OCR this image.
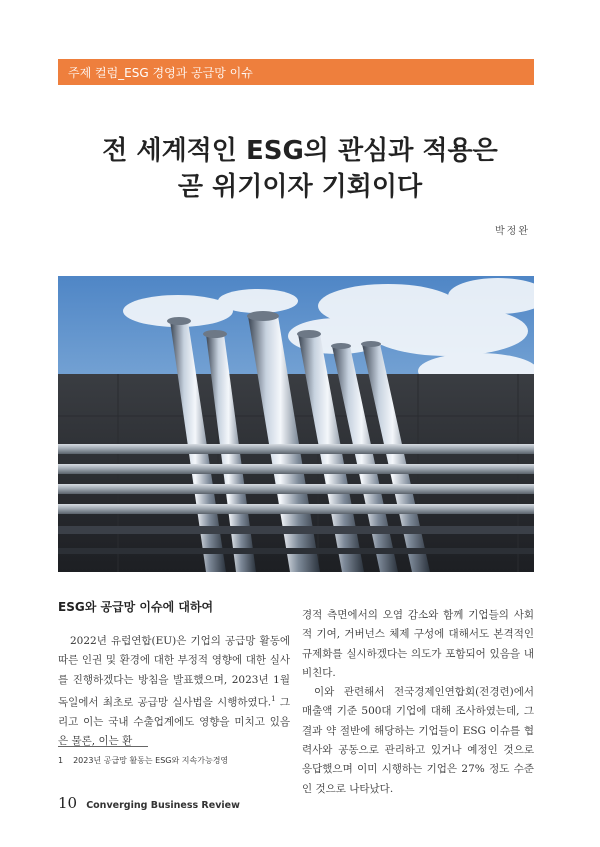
주제 컬럼_ESG 경영과 공급망 이슈
전 세계적인 ESG의 관심과 적용은
곧 위기이자 기회이다
박정완
ESG와 공급망 이슈에 대하여

2022년 유럽연합(EU)은 기업의 공급망 활동에 따른 인권 및 환경에 대한 부정적 영향에 대한 실사를 진행하겠다는 방침을 발표했으며, 2023년 1월 독일에서 최초로 공급망 실사법을 시행하였다.$^1$ 그리고 이는 국내 수출업계에도 영향을 미치고 있음은 물론, 이는 환

경적 측면에서의 오염 감소와 함께 기업들의 사회적 기여, 거버넌스 체제 구성에 대해서도 본격적인 규제화를 실시하겠다는 의도가 포함되어 있음을 내비친다.

이와 관련해서 전국경제인연합회(전경련)에서 매출액 기준 500대 기업에 대해 조사하였는데, 그 결과 약 절반에 해당하는 기업들이 ESG 이슈를 협력사와 공동으로 관리하고 있거나 예정인 것으로 응답했으며 이미 시행하는 기업은 27% 정도 수준인 것으로 나타났다.

1 2023년 공급망 활동는 ESG와 지속가능경영
10 Converging Business Review
